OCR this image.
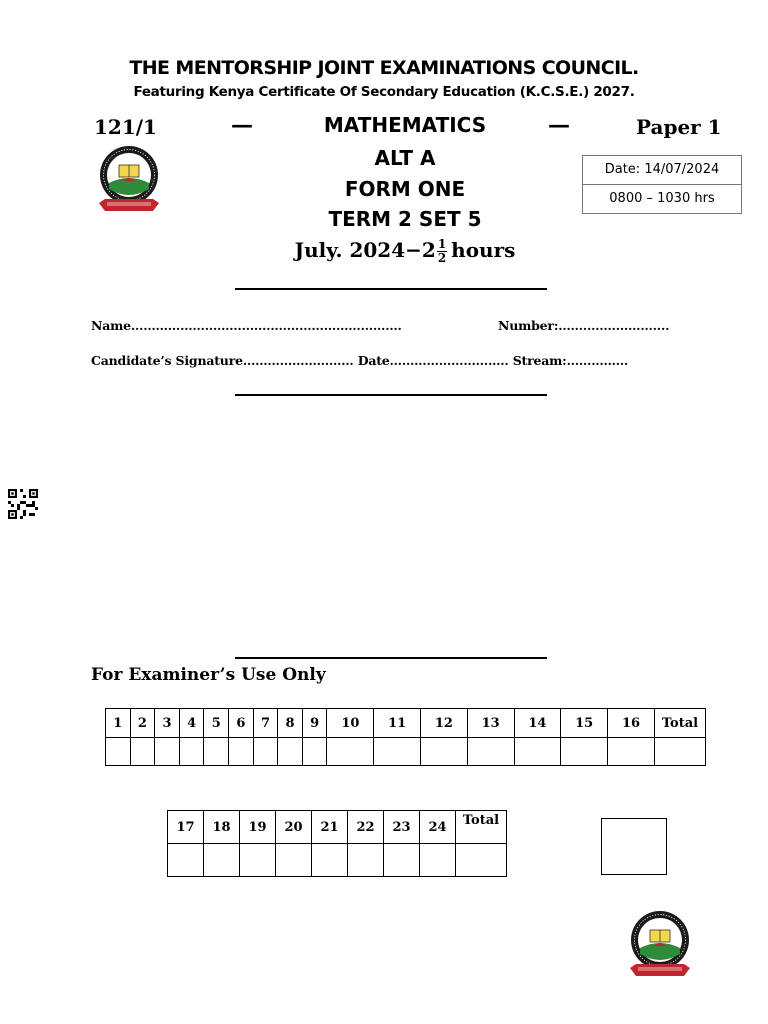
THE MENTORSHIP JOINT EXAMINATIONS COUNCIL.
Featuring Kenya Certificate Of Secondary Education (K.C.S.E.) 2027.
121/1	—	MATHEMATICS	—	Paper 1
ALT A
FORM ONE
TERM 2 SET 5
July. $2024-2 \frac{1}{2}$ hours
Date: 14/07/2024
0800 – 1030 hrs
Name………………………………..……………………….	Number:……..……………....
Candidate’s Signature……………………… Date……………………….. Stream:……………
For Examiner’s Use Only
1	2	3	4	5	6	7	8	9	10	11	12	13	14	15	16	Total

17	18	19	20	21	22	23	24	Total
